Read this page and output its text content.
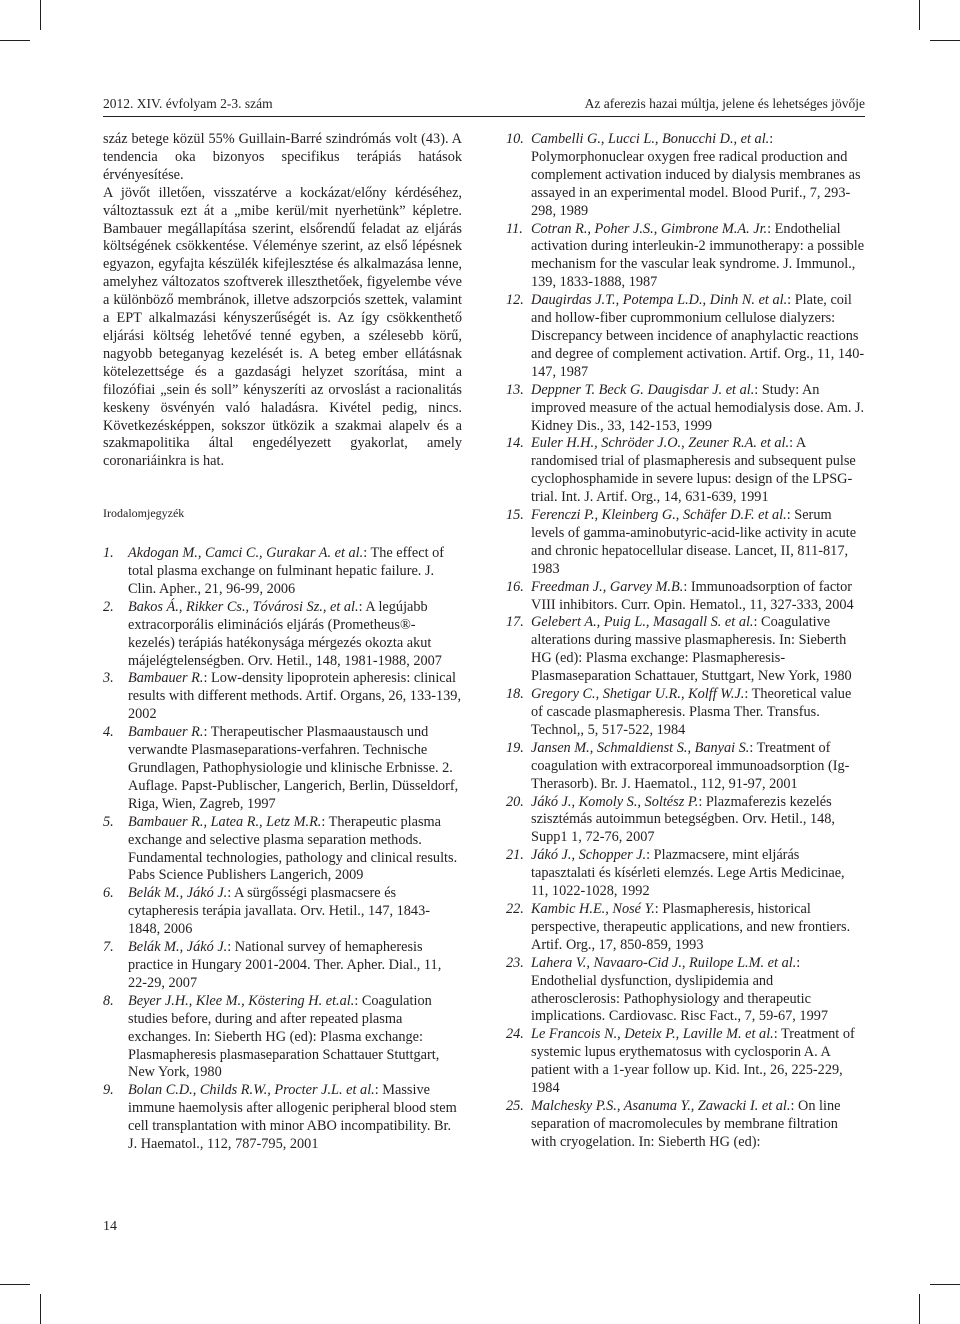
2012. XIV. évfolyam 2-3. szám	Az aferezis hazai múltja, jelene és lehetséges jövője

száz betege közül 55% Guillain-Barré szindrómás volt (43). A tendencia oka bizonyos specifikus terápiás hatások érvényesítése.

A jövőt illetően, visszatérve a kockázat/előny kérdéséhez, változtassuk ezt át a „mibe kerül/mit nyerhetünk” képletre. Bambauer megállapítása szerint, elsőrendű feladat az eljárás költségének csökkentése. Véleménye szerint, az első lépésnek egyazon, egyfajta készülék kifejlesztése és alkalmazása lenne, amelyhez változatos szoftverek illeszthetőek, figyelembe véve a különböző membránok, illetve adszorpciós szettek, valamint a EPT alkalmazási kényszerűségét is. Az így csökkenthető eljárási költség lehetővé tenné egyben, a szélesebb körű, nagyobb beteganyag kezelését is. A beteg ember ellátásnak kötelezettsége és a gazdasági helyzet szorítása, mint a filozófiai „sein és soll” kényszeríti az orvoslást a racionalitás keskeny ösvényén való haladásra. Kivétel pedig, nincs. Következésképpen, sokszor ütközik a szakmai alapelv és a szakmapolitika által engedélyezett gyakorlat, amely coronariáinkra is hat.

Irodalomjegyzék
1. Akdogan M., Camci C., Gurakar A. et al.: The effect of total plasma exchange on fulminant hepatic failure. J. Clin. Apher., 21, 96-99, 2006
2. Bakos Á., Rikker Cs., Tóvárosi Sz., et al.: A legújabb extracorporális eliminációs eljárás (Prometheus®-kezelés) terápiás hatékonysága mérgezés okozta akut májelégtelenségben. Orv. Hetil., 148, 1981-1988, 2007
3. Bambauer R.: Low-density lipoprotein apheresis: clinical results with different methods. Artif. Organs, 26, 133-139, 2002
4. Bambauer R.: Therapeutischer Plasmaaustausch und verwandte Plasmaseparations-verfahren. Technische Grundlagen, Pathophysiologie und klinische Erbnisse. 2. Auflage. Papst-Publischer, Langerich, Berlin, Düsseldorf, Riga, Wien, Zagreb, 1997
5. Bambauer R., Latea R., Letz M.R.: Therapeutic plasma exchange and selective plasma separation methods. Fundamental technologies, pathology and clinical results. Pabs Science Publishers Langerich, 2009
6. Belák M., Jákó J.: A sürgősségi plasmacsere és cytapheresis terápia javallata. Orv. Hetil., 147, 1843-1848, 2006
7. Belák M., Jákó J.: National survey of hemapheresis practice in Hungary 2001-2004. Ther. Apher. Dial., 11, 22-29, 2007
8. Beyer J.H., Klee M., Köstering H. et.al.: Coagulation studies before, during and after repeated plasma exchanges. In: Sieberth HG (ed): Plasma exchange: Plasmapheresis plasmaseparation Schattauer Stuttgart, New York, 1980
9. Bolan C.D., Childs R.W., Procter J.L. et al.: Massive immune haemolysis after allogenic peripheral blood stem cell transplantation with minor ABO incompatibility. Br. J. Haematol., 112, 787-795, 2001
10. Cambelli G., Lucci L., Bonucchi D., et al.: Polymorphonuclear oxygen free radical production and complement activation induced by dialysis membranes as assayed in an experimental model. Blood Purif., 7, 293-298, 1989
11. Cotran R., Poher J.S., Gimbrone M.A. Jr.: Endothelial activation during interleukin-2 immunotherapy: a possible mechanism for the vascular leak syndrome. J. Immunol., 139, 1833-1888, 1987
12. Daugirdas J.T., Potempa L.D., Dinh N. et al.: Plate, coil and hollow-fiber cuprommonium cellulose dialyzers: Discrepancy between incidence of anaphylactic reactions and degree of complement activation. Artif. Org., 11, 140-147, 1987
13. Deppner T. Beck G. Daugisdar J. et al.: Study: An improved measure of the actual hemodialysis dose. Am. J. Kidney Dis., 33, 142-153, 1999
14. Euler H.H., Schröder J.O., Zeuner R.A. et al.: A randomised trial of plasmapheresis and subsequent pulse cyclophosphamide in severe lupus: design of the LPSG-trial. Int. J. Artif. Org., 14, 631-639, 1991
15. Ferenczi P., Kleinberg G., Schäfer D.F. et al.: Serum levels of gamma-aminobutyric-acid-like activity in acute and chronic hepatocellular disease. Lancet, II, 811-817, 1983
16. Freedman J., Garvey M.B.: Immunoadsorption of factor VIII inhibitors. Curr. Opin. Hematol., 11, 327-333, 2004
17. Gelebert A., Puig L., Masagall S. et al.: Coagulative alterations during massive plasmapheresis. In: Sieberth HG (ed): Plasma exchange: Plasmapheresis-Plasmaseparation Schattauer, Stuttgart, New York, 1980
18. Gregory C., Shetigar U.R., Kolff W.J.: Theoretical value of cascade plasmapheresis. Plasma Ther. Transfus. Technol,, 5, 517-522, 1984
19. Jansen M., Schmaldienst S., Banyai S.: Treatment of coagulation with extracorporeal immunoadsorption (Ig-Therasorb). Br. J. Haematol., 112, 91-97, 2001
20. Jákó J., Komoly S., Soltész P.: Plazmaferezis kezelés szisztémás autoimmun betegségben. Orv. Hetil., 148, Supp1 1, 72-76, 2007
21. Jákó J., Schopper J.: Plazmacsere, mint eljárás tapasztalati és kísérleti elemzés. Lege Artis Medicinae, 11, 1022-1028, 1992
22. Kambic H.E., Nosé Y.: Plasmapheresis, historical perspective, therapeutic applications, and new frontiers. Artif. Org., 17, 850-859, 1993
23. Lahera V., Navaaro-Cid J., Ruilope L.M. et al.: Endothelial dysfunction, dyslipidemia and atherosclerosis: Pathophysiology and therapeutic implications. Cardiovasc. Risc Fact., 7, 59-67, 1997
24. Le Francois N., Deteix P., Laville M. et al.: Treatment of systemic lupus erythematosus with cyclosporin A. A patient with a 1-year follow up. Kid. Int., 26, 225-229, 1984
25. Malchesky P.S., Asanuma Y., Zawacki I. et al.: On line separation of macromolecules by membrane filtration with cryogelation. In: Sieberth HG (ed):
14
